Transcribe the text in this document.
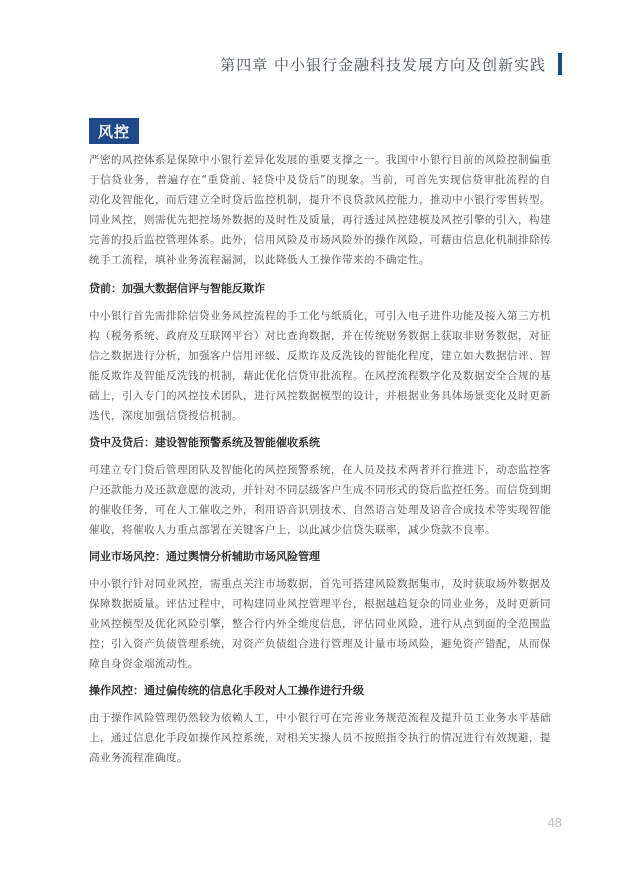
第四章 中小银行金融科技发展方向及创新实践
风控

严密的风控体系是保障中小银行差异化发展的重要支撑之一。我国中小银行目前的风险控制偏重于信贷业务，普遍存在“重贷前、轻贷中及贷后”的现象。当前，可首先实现信贷审批流程的自动化及智能化，而后建立全时贷后监控机制，提升不良贷款风控能力，推动中小银行零售转型。同业风控，则需优先把控场外数据的及时性及质量，再行透过风控建模及风控引擎的引入，构建完善的投后监控管理体系。此外，信用风险及市场风险外的操作风险，可藉由信息化机制排除传统手工流程，填补业务流程漏洞，以此降低人工操作带来的不确定性。

贷前：加强大数据信评与智能反欺诈

中小银行首先需排除信贷业务风控流程的手工化与纸质化，可引入电子进件功能及接入第三方机构（税务系统、政府及互联网平台）对比查询数据，并在传统财务数据上获取非财务数据，对征信之数据进行分析，加强客户信用评级、反欺诈及反洗钱的智能化程度，建立如大数据信评、智能反欺诈及智能反洗钱的机制，藉此优化信贷审批流程。在风控流程数字化及数据安全合规的基础上，引入专门的风控技术团队，进行风控数据模型的设计，并根据业务具体场景变化及时更新迭代，深度加强信贷授信机制。

贷中及贷后：建设智能预警系统及智能催收系统

可建立专门贷后管理团队及智能化的风控预警系统，在人员及技术两者并行推进下，动态监控客户还款能力及还款意愿的波动，并针对不同层级客户生成不同形式的贷后监控任务。而信贷到期的催收任务，可在人工催收之外，利用语音识别技术、自然语言处理及语音合成技术等实现智能催收，将催收人力重点部署在关键客户上，以此减少信贷失联率，减少贷款不良率。

同业市场风控：通过舆情分析辅助市场风险管理

中小银行针对同业风控，需重点关注市场数据，首先可搭建风险数据集市，及时获取场外数据及保障数据质量。评估过程中，可构建同业风控管理平台，根据越趋复杂的同业业务，及时更新同业风控模型及优化风险引擎，整合行内外全维度信息，评估同业风险，进行从点到面的全范围监控；引入资产负债管理系统，对资产负债组合进行管理及计量市场风险，避免资产错配，从而保障自身资金端流动性。

操作风控：通过偏传统的信息化手段对人工操作进行升级

由于操作风险管理仍然较为依赖人工，中小银行可在完善业务规范流程及提升员工业务水平基础上，通过信息化手段如操作风控系统，对相关实操人员不按照指令执行的情况进行有效规避，提高业务流程准确度。

48
